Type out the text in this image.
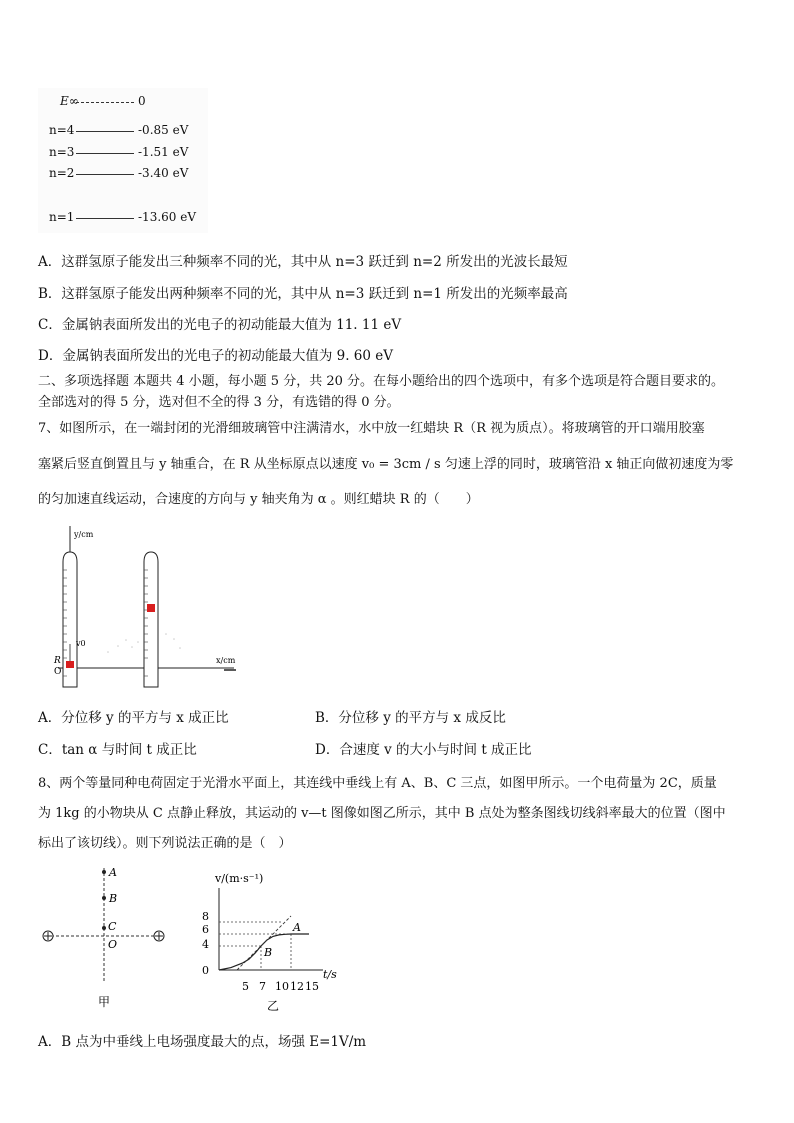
E∞	0
n=4	-0.85 eV
n=3	-1.51 eV
n=2	-3.40 eV
n=1	-13.60 eV
A．这群氢原子能发出三种频率不同的光，其中从 n=3 跃迁到 n=2 所发出的光波长最短
B．这群氢原子能发出两种频率不同的光，其中从 n=3 跃迁到 n=1 所发出的光频率最高
C．金属钠表面所发出的光电子的初动能最大值为 11. 11 eV
D．金属钠表面所发出的光电子的初动能最大值为 9. 60 eV
二、多项选择题 本题共 4 小题，每小题 5 分，共 20 分。在每小题给出的四个选项中，有多个选项是符合题目要求的。
全部选对的得 5 分，选对但不全的得 3 分，有选错的得 0 分。
7、如图所示，在一端封闭的光滑细玻璃管中注满清水，水中放一红蜡块 R（R 视为质点）。将玻璃管的开口端用胶塞
塞紧后竖直倒置且与 y 轴重合，在 R 从坐标原点以速度 v₀ = 3cm / s 匀速上浮的同时，玻璃管沿 x 轴正向做初速度为零
的匀加速直线运动，合速度的方向与 y 轴夹角为 α 。则红蜡块 R 的（　　）
y/cm
x/cm
v0
R
O
A．分位移 y 的平方与 x 成正比	B．分位移 y 的平方与 x 成反比
C．tan α 与时间 t 成正比	D．合速度 v 的大小与时间 t 成正比
8、两个等量同种电荷固定于光滑水平面上，其连线中垂线上有 A、B、C 三点，如图甲所示。一个电荷量为 2C，质量
为 1kg 的小物块从 C 点静止释放，其运动的 v—t 图像如图乙所示，其中 B 点处为整条图线切线斜率最大的位置（图中
标出了该切线）。则下列说法正确的是（　）
A
B
C
O
甲
v/(m·s⁻¹)
t/s
8
6
4
0
5 7 10 12 15
A
B
乙
A．B 点为中垂线上电场强度最大的点，场强 E=1V/m
